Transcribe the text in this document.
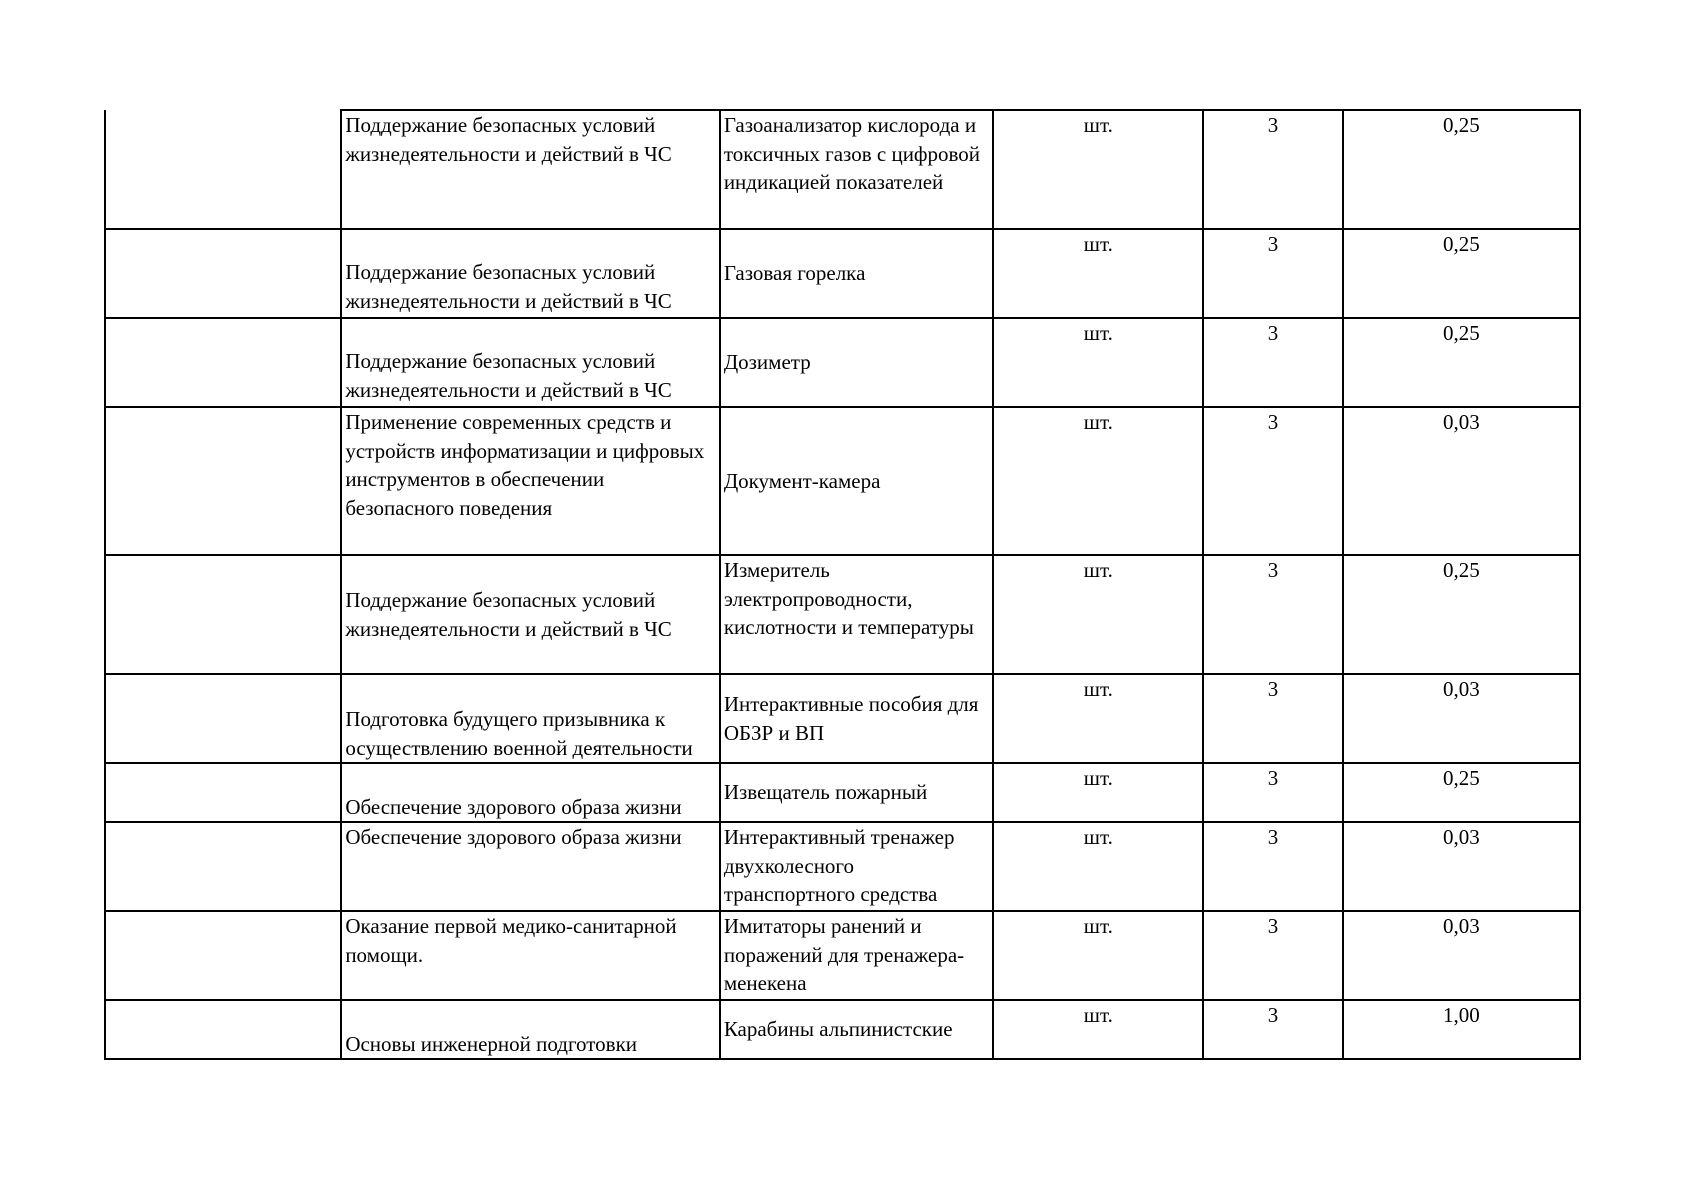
	Поддержание безопасных условий жизнедеятельности и действий в ЧС	Газоанализатор кислорода и токсичных газов с цифровой индикацией показателей	шт.	3	0,25
	Поддержание безопасных условий жизнедеятельности и действий в ЧС	Газовая горелка	шт.	3	0,25
	Поддержание безопасных условий жизнедеятельности и действий в ЧС	Дозиметр	шт.	3	0,25
	Применение современных средств и устройств информатизации и цифровых инструментов в обеспечении безопасного поведения	Документ-камера	шт.	3	0,03
	Поддержание безопасных условий жизнедеятельности и действий в ЧС	Измеритель электропроводности, кислотности и температуры	шт.	3	0,25
	Подготовка будущего призывника к осуществлению военной деятельности	Интерактивные пособия для ОБЗР и ВП	шт.	3	0,03
	Обеспечение здорового образа жизни	Извещатель пожарный	шт.	3	0,25
	Обеспечение здорового образа жизни	Интерактивный тренажер двухколесного транспортного средства	шт.	3	0,03
	Оказание первой медико-санитарной помощи.	Имитаторы ранений и поражений для тренажера-менекена	шт.	3	0,03
	Основы инженерной подготовки	Карабины альпинистские	шт.	3	1,00
